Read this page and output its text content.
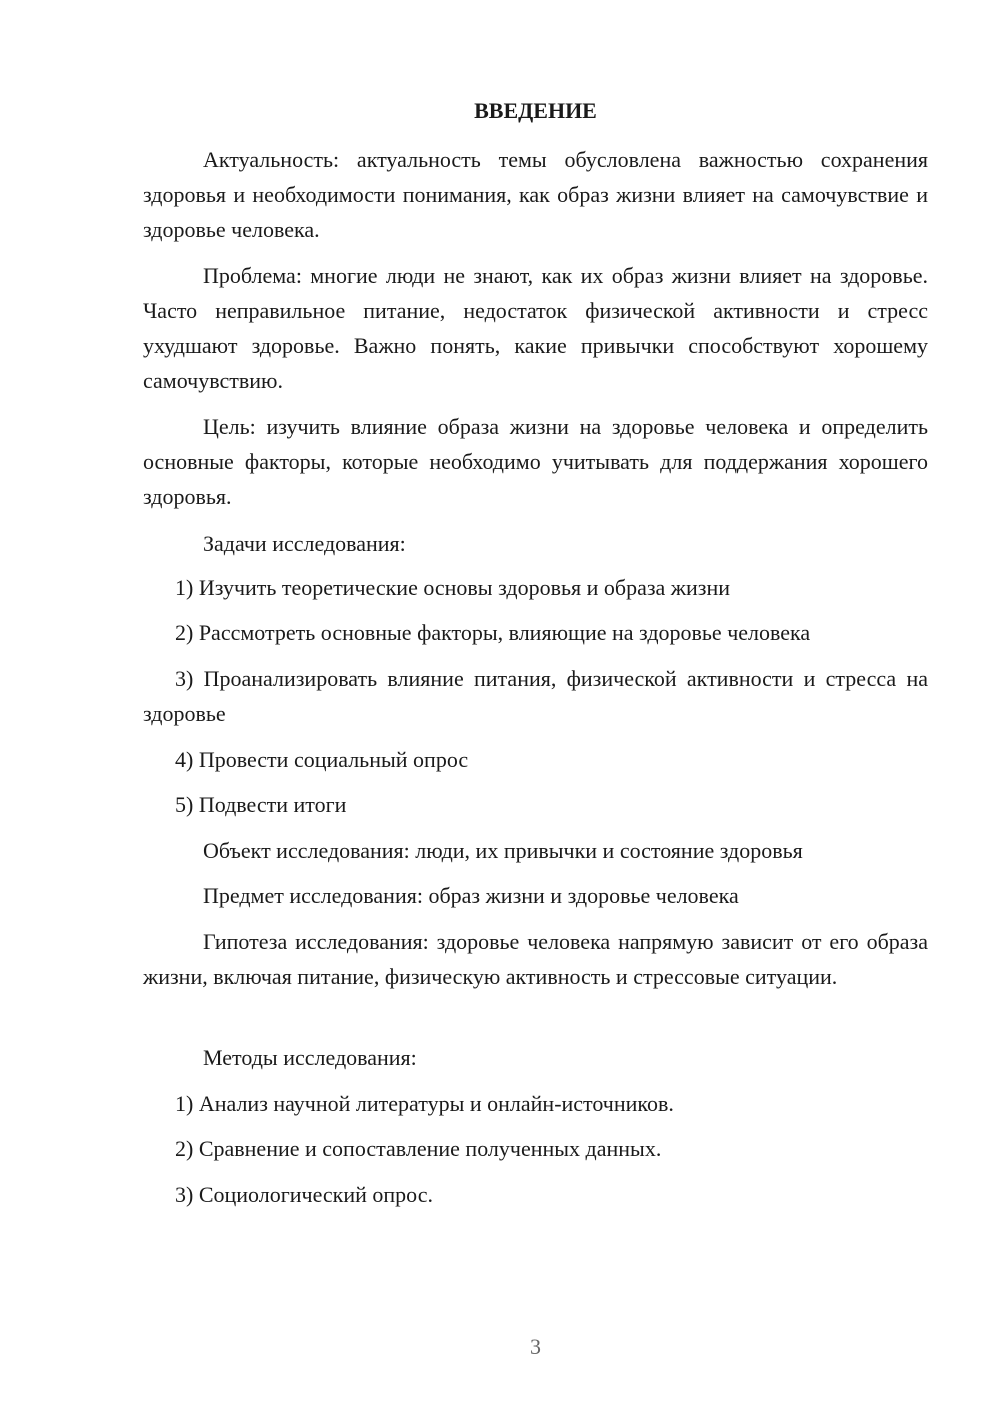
ВВЕДЕНИЕ

Актуальность: актуальность темы обусловлена важностью сохранения здоровья и необходимости понимания, как образ жизни влияет на самочувствие и здоровье человека.

Проблема: многие люди не знают, как их образ жизни влияет на здоровье. Часто неправильное питание, недостаток физической активности и стресс ухудшают здоровье. Важно понять, какие привычки способствуют хорошему самочувствию.

Цель: изучить влияние образа жизни на здоровье человека и определить основные факторы, которые необходимо учитывать для поддержания хорошего здоровья.

Задачи исследования:

1) Изучить теоретические основы здоровья и образа жизни

2) Рассмотреть основные факторы, влияющие на здоровье человека

3) Проанализировать влияние питания, физической активности и стресса на здоровье

4) Провести социальный опрос

5) Подвести итоги

Объект исследования: люди, их привычки и состояние здоровья

Предмет исследования: образ жизни и здоровье человека

Гипотеза исследования: здоровье человека напрямую зависит от его образа жизни, включая питание, физическую активность и стрессовые ситуации.

Методы исследования:

1) Анализ научной литературы и онлайн-источников.

2) Сравнение и сопоставление полученных данных.

3) Социологический опрос.

3
